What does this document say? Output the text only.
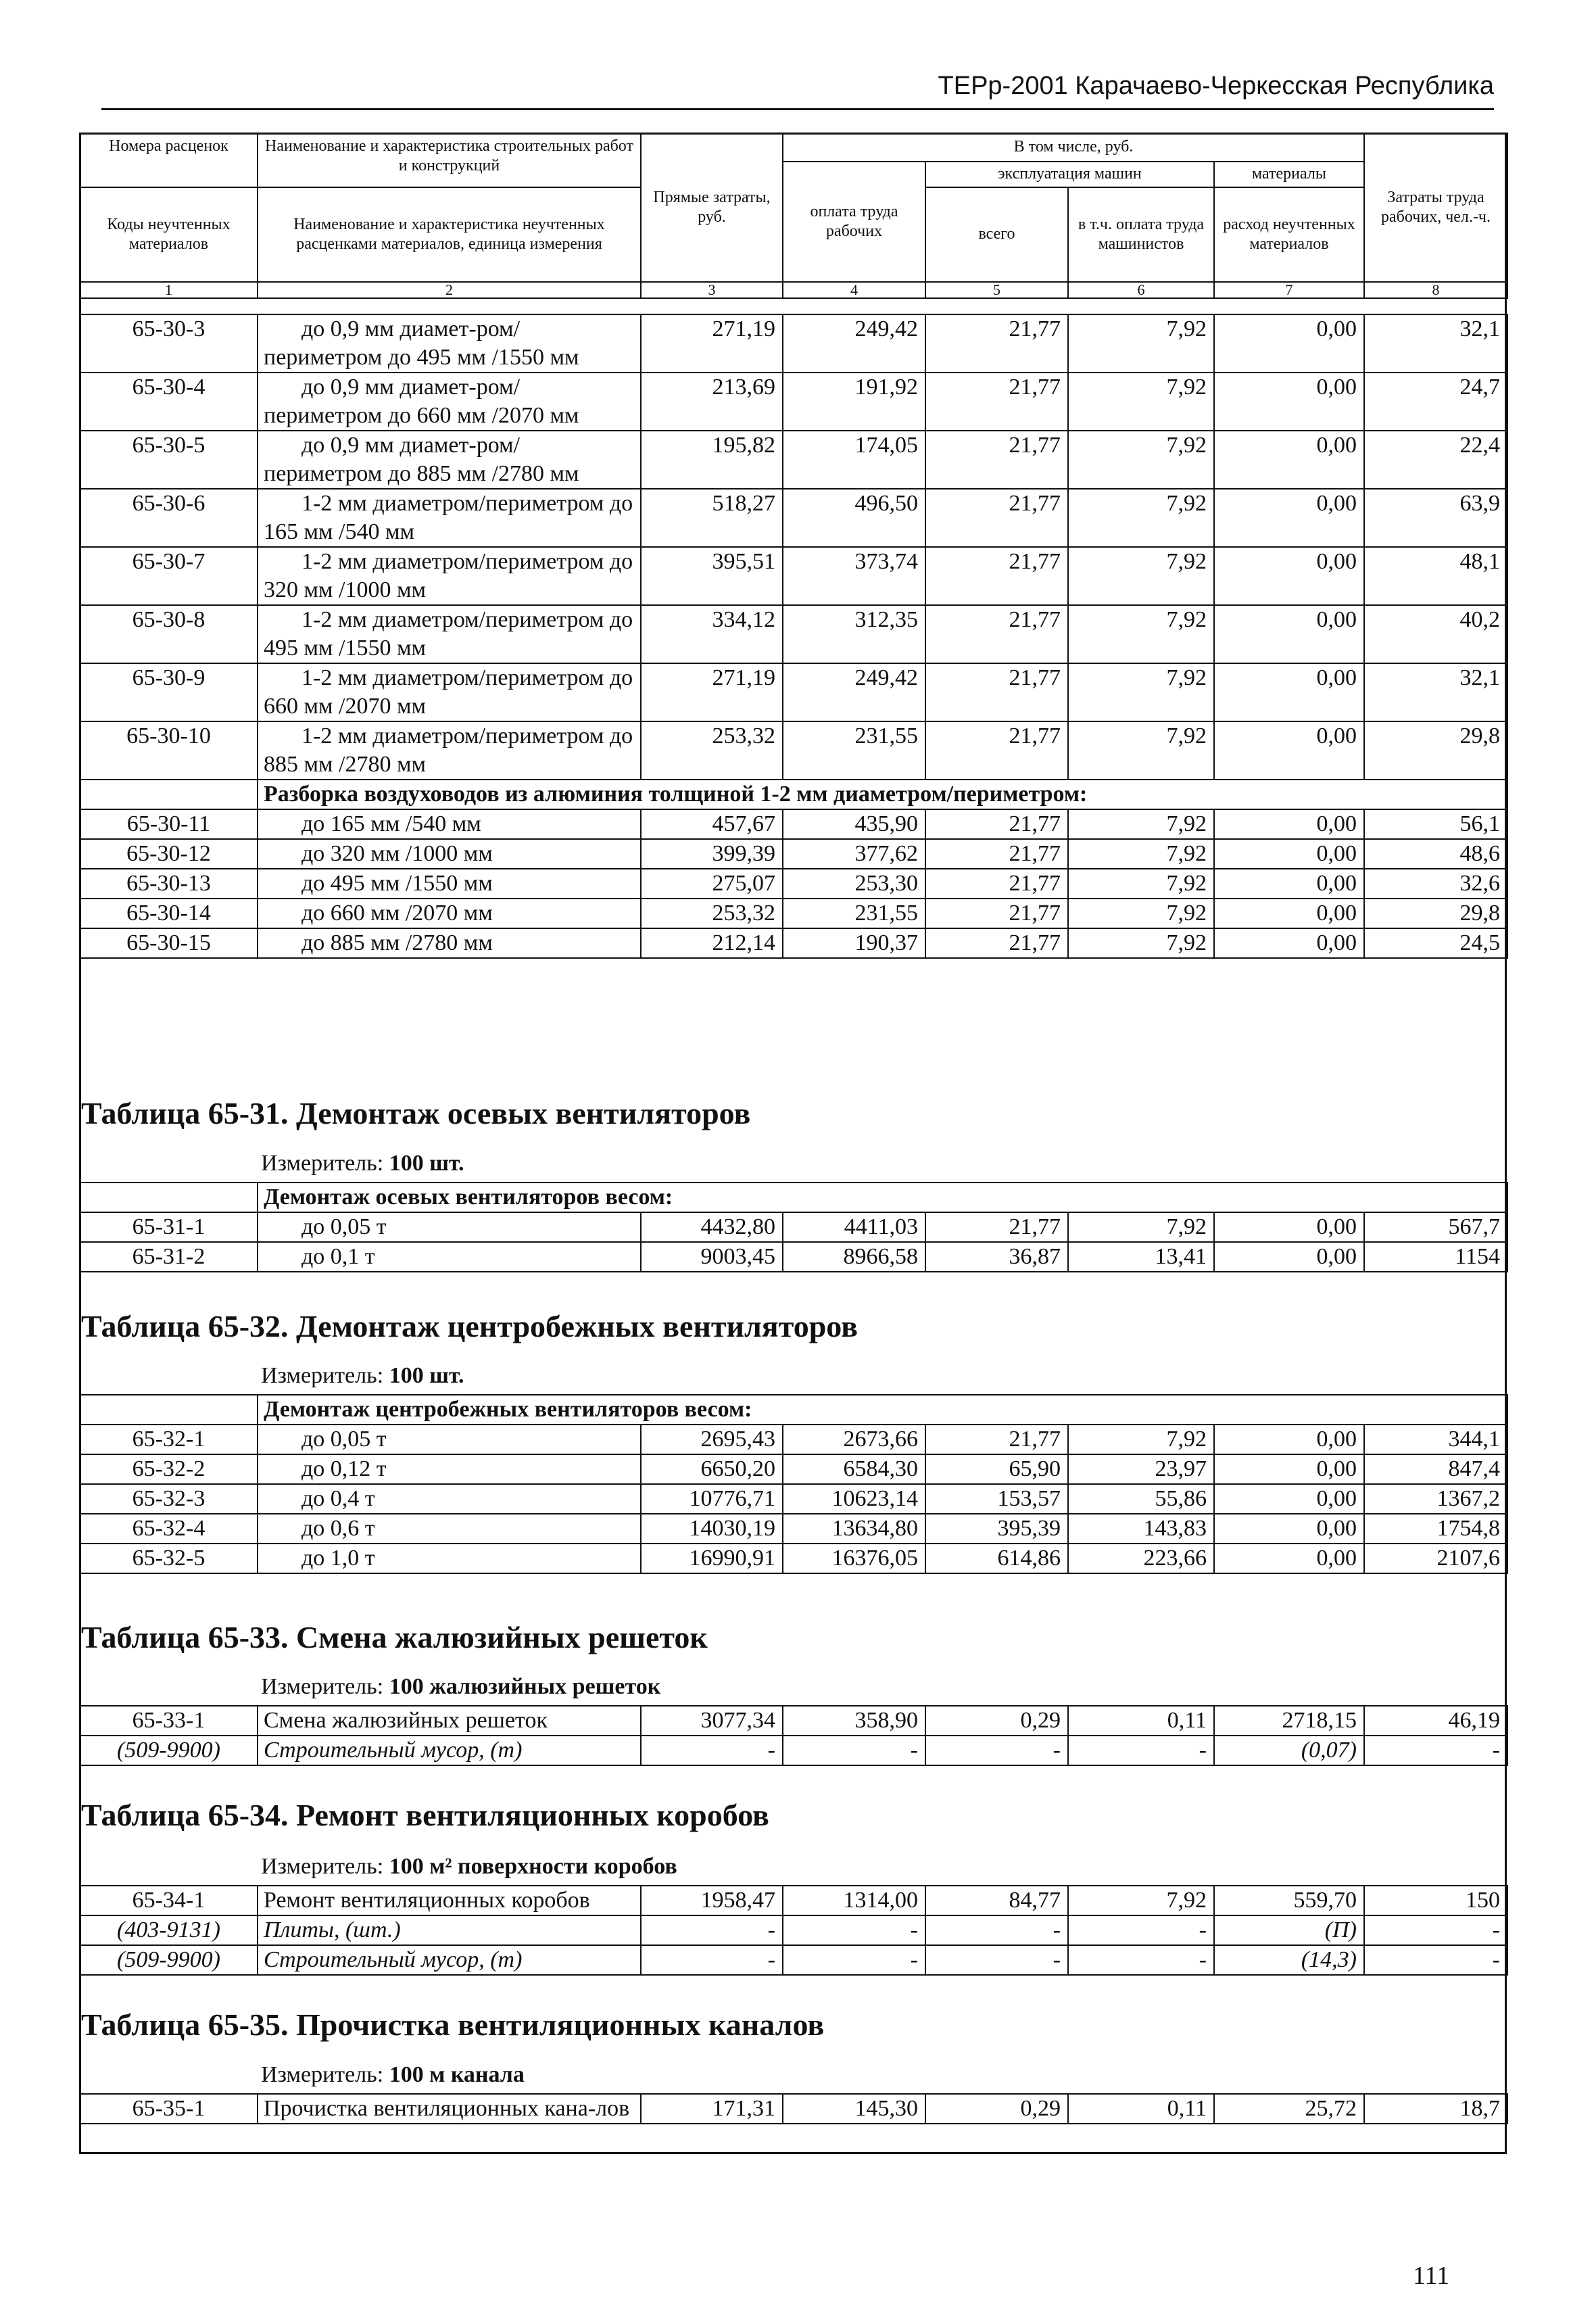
ТЕРр-2001 Карачаево-Черкесская Республика
Номера расценок	Наименование и характеристика строительных работ и конструкций	Прямые затраты, руб.	В том числе, руб.				Затраты труда рабочих, чел.-ч.
			оплата труда рабочих	эксплуатация машин		материалы	
Коды неучтенных материалов	Наименование и характеристика неучтенных расценками материалов, единица измерения			всего	в т.ч. оплата труда машинистов	расход неучтенных материалов	

1	2	3	4	5	6	7	8
65-30-3	до 0,9 мм диамет-ром/периметром до 495 мм /1550 мм	271,19	249,42	21,77	7,92	0,00	32,1
65-30-4	до 0,9 мм диамет-ром/периметром до 660 мм /2070 мм	213,69	191,92	21,77	7,92	0,00	24,7
65-30-5	до 0,9 мм диамет-ром/периметром до 885 мм /2780 мм	195,82	174,05	21,77	7,92	0,00	22,4
65-30-6	1-2 мм диаметром/периметром до 165 мм /540 мм	518,27	496,50	21,77	7,92	0,00	63,9
65-30-7	1-2 мм диаметром/периметром до 320 мм /1000 мм	395,51	373,74	21,77	7,92	0,00	48,1
65-30-8	1-2 мм диаметром/периметром до 495 мм /1550 мм	334,12	312,35	21,77	7,92	0,00	40,2
65-30-9	1-2 мм диаметром/периметром до 660 мм /2070 мм	271,19	249,42	21,77	7,92	0,00	32,1
65-30-10	1-2 мм диаметром/периметром до 885 мм /2780 мм	253,32	231,55	21,77	7,92	0,00	29,8
	Разборка воздуховодов из алюминия толщиной 1-2 мм диаметром/периметром:						
65-30-11	до 165 мм /540 мм	457,67	435,90	21,77	7,92	0,00	56,1
65-30-12	до 320 мм /1000 мм	399,39	377,62	21,77	7,92	0,00	48,6
65-30-13	до 495 мм /1550 мм	275,07	253,30	21,77	7,92	0,00	32,6
65-30-14	до 660 мм /2070 мм	253,32	231,55	21,77	7,92	0,00	29,8
65-30-15	до 885 мм /2780 мм	212,14	190,37	21,77	7,92	0,00	24,5
Таблица 65-31. Демонтаж осевых вентиляторов
Измеритель: 100 шт.
	Демонтаж осевых вентиляторов весом:						
65-31-1	до 0,05 т	4432,80	4411,03	21,77	7,92	0,00	567,7
65-31-2	до 0,1 т	9003,45	8966,58	36,87	13,41	0,00	1154
Таблица 65-32. Демонтаж центробежных вентиляторов
Измеритель: 100 шт.
	Демонтаж центробежных вентиляторов весом:						
65-32-1	до 0,05 т	2695,43	2673,66	21,77	7,92	0,00	344,1
65-32-2	до 0,12 т	6650,20	6584,30	65,90	23,97	0,00	847,4
65-32-3	до 0,4 т	10776,71	10623,14	153,57	55,86	0,00	1367,2
65-32-4	до 0,6 т	14030,19	13634,80	395,39	143,83	0,00	1754,8
65-32-5	до 1,0 т	16990,91	16376,05	614,86	223,66	0,00	2107,6
Таблица 65-33. Смена жалюзийных решеток
Измеритель: 100 жалюзийных решеток
65-33-1	Смена жалюзийных решеток	3077,34	358,90	0,29	0,11	2718,15	46,19
(509-9900)	Строительный мусор, (т)	-	-	-	-	(0,07)	-
Таблица 65-34. Ремонт вентиляционных коробов
Измеритель: 100 м² поверхности коробов
65-34-1	Ремонт вентиляционных коробов	1958,47	1314,00	84,77	7,92	559,70	150
(403-9131)	Плиты, (шт.)	-	-	-	-	(П)	-
(509-9900)	Строительный мусор, (т)	-	-	-	-	(14,3)	-
Таблица 65-35. Прочистка вентиляционных каналов
Измеритель: 100 м канала
65-35-1	Прочистка вентиляционных кана-лов	171,31	145,30	0,29	0,11	25,72	18,7
111
